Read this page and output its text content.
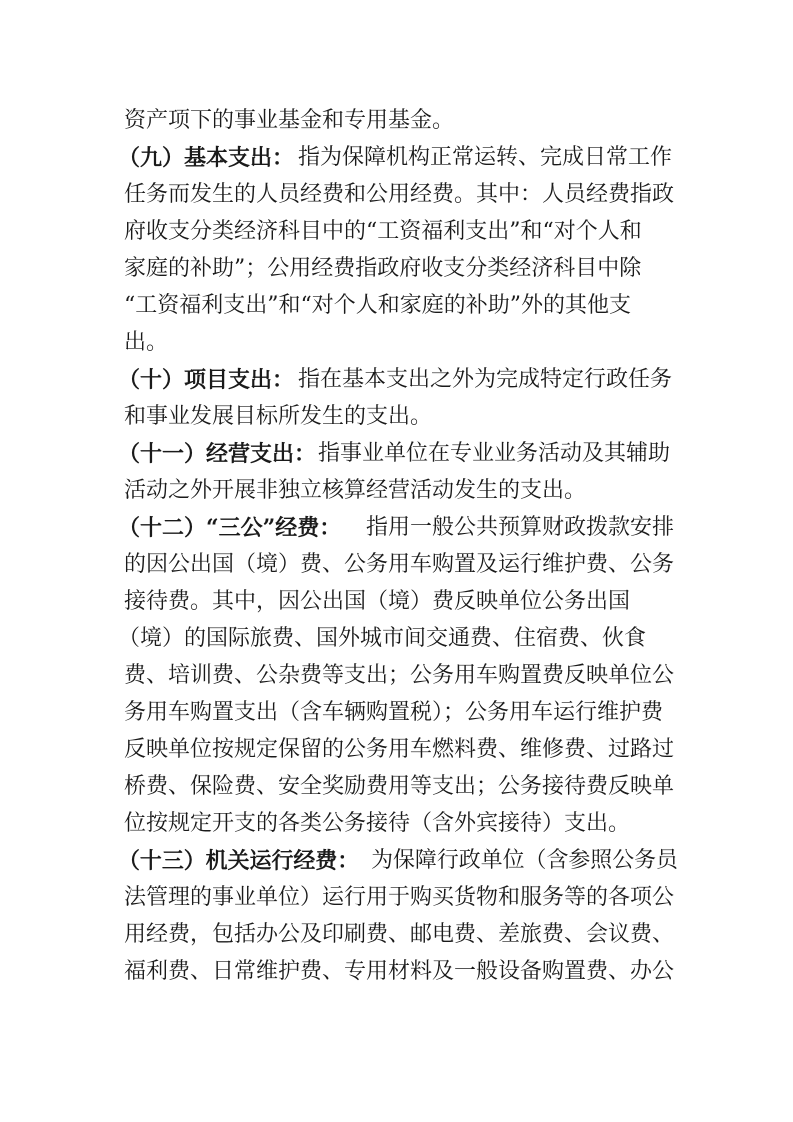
资产项下的事业基金和专用基金。
（九）基本支出： 指为保障机构正常运转、完成日常工作
任务而发生的人员经费和公用经费。其中：人员经费指政
府收支分类经济科目中的“工资福利支出”和“对个人和
家庭的补助”；公用经费指政府收支分类经济科目中除
“工资福利支出”和“对个人和家庭的补助”外的其他支
出。
（十）项目支出： 指在基本支出之外为完成特定行政任务
和事业发展目标所发生的支出。
（十一）经营支出： 指事业单位在专业业务活动及其辅助
活动之外开展非独立核算经营活动发生的支出。
（十二）“三公”经费： 指用一般公共预算财政拨款安排
的因公出国（境）费、公务用车购置及运行维护费、公务
接待费。其中，因公出国（境）费反映单位公务出国
（境）的国际旅费、国外城市间交通费、住宿费、伙食
费、培训费、公杂费等支出；公务用车购置费反映单位公
务用车购置支出（含车辆购置税）；公务用车运行维护费
反映单位按规定保留的公务用车燃料费、维修费、过路过
桥费、保险费、安全奖励费用等支出；公务接待费反映单
位按规定开支的各类公务接待（含外宾接待）支出。
（十三）机关运行经费： 为保障行政单位（含参照公务员
法管理的事业单位）运行用于购买货物和服务等的各项公
用经费，包括办公及印刷费、邮电费、差旅费、会议费、
福利费、日常维护费、专用材料及一般设备购置费、办公
